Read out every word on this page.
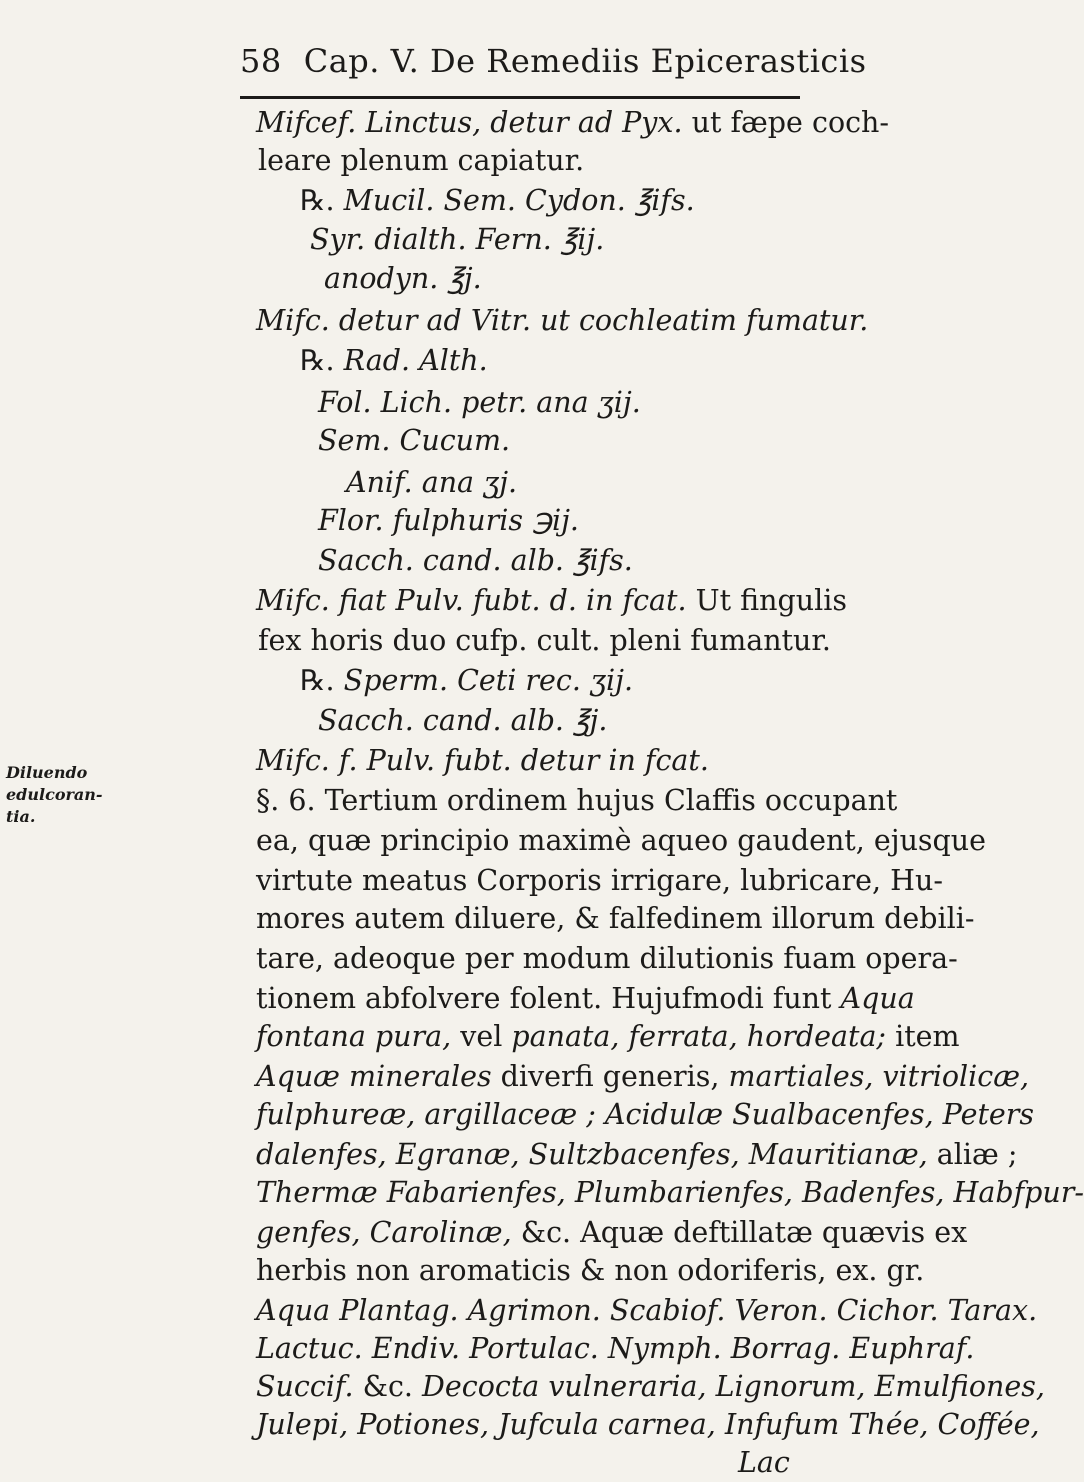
58 Cap. V. De Remediis Epicerasticis
Diluendo
edulcoran-
tia.
Mifcef. Linctus, detur ad Pyx. ut fæpe coch-
leare plenum capiatur.
℞. Mucil. Sem. Cydon. ℥ifs.
Syr. dialth. Fern. ℥ij.
anodyn. ℥j.
Mifc. detur ad Vitr. ut cochleatim fumatur.
℞. Rad. Alth.
Fol. Lich. petr. ana ʒij.
Sem. Cucum.
Anif. ana ʒj.
Flor. fulphuris ℈ij.
Sacch. cand. alb. ℥ifs.
Mifc. fiat Pulv. fubt. d. in fcat. Ut fingulis
fex horis duo cufp. cult. pleni fumantur.
℞. Sperm. Ceti rec. ʒij.
Sacch. cand. alb. ℥j.
Mifc. f. Pulv. fubt. detur in fcat.
§. 6. Tertium ordinem hujus Claffis occupant
ea, quæ principio maximè aqueo gaudent, ejusque
virtute meatus Corporis irrigare, lubricare, Hu-
mores autem diluere, & falfedinem illorum debili-
tare, adeoque per modum dilutionis fuam opera-
tionem abfolvere folent. Hujufmodi funt Aqua
fontana pura, vel panata, ferrata, hordeata; item
Aquæ minerales diverfi generis, martiales, vitriolicæ,
fulphureæ, argillaceæ ; Acidulæ Sualbacenfes, Peters
dalenfes, Egranæ, Sultzbacenfes, Mauritianæ, aliæ ;
Thermæ Fabarienfes, Plumbarienfes, Badenfes, Habfpur-
genfes, Carolinæ, &c. Aquæ deftillatæ quævis ex
herbis non aromaticis & non odoriferis, ex. gr.
Aqua Plantag. Agrimon. Scabiof. Veron. Cichor. Tarax.
Lactuc. Endiv. Portulac. Nymph. Borrag. Euphraf.
Succif. &c. Decocta vulneraria, Lignorum, Emulfiones,
Julepi, Potiones, Jufcula carnea, Infufum Thée, Coffée,
Lac
